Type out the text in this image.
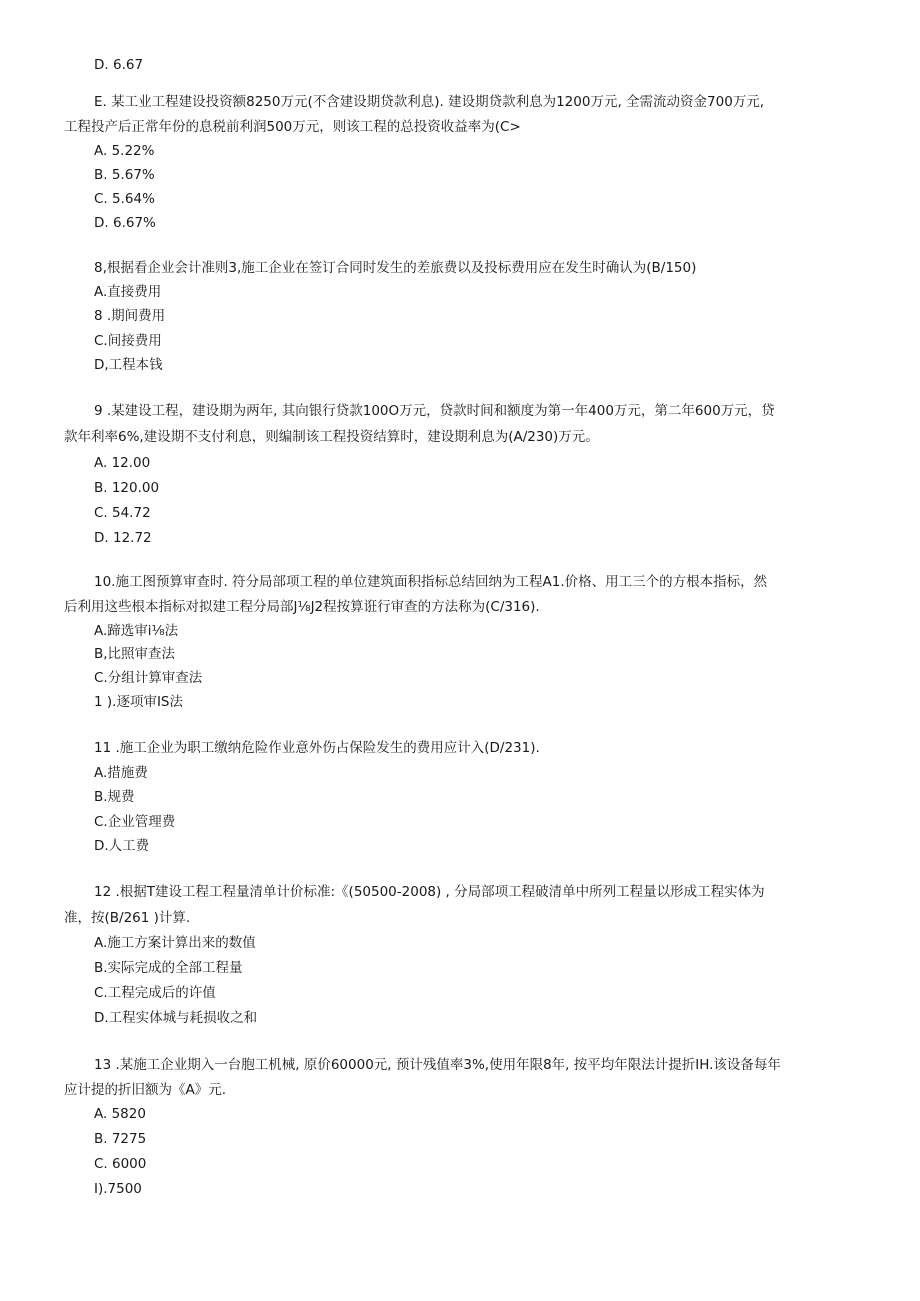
D. 6.67
E. 某工业工程建设投资额8250万元(不含建设期贷款利息). 建设期贷款利息为1200万元, 全需流动资金700万元,
工程投产后正常年份的息税前利润500万元，则该工程的总投资收益率为(C>
A. 5.22%
B. 5.67%
C. 5.64%
D. 6.67%
8,根据看企业会计准则3,施工企业在签订合同时发生的差旅费以及投标费用应在发生时确认为(B/150)
A.直接费用
8 .期间费用
C.间接费用
D,工程本钱
9 .某建设工程，建设期为两年, 其向银行贷款100O万元，贷款时间和额度为第一年400万元，第二年600万元，贷
款年利率6%,建设期不支付利息，则编制该工程投资结算时，建设期利息为(A/230)万元。
A. 12.00
B. 120.00
C. 54.72
D. 12.72
10.施工图预算审查时. 符分局部项工程的单位建筑面积指标总结回纳为工程A1.价格、用工三个的方根本指标，然
后利用这些根本指标对拟建工程分局部J⅛J2程按算诳行审查的方法称为(C/316).
A.蹄选审i⅛法
B,比照审查法
C.分组计算审查法
1 ).逐项审IS法
11 .施工企业为职工缴纳危险作业意外伤占保险发生的费用应计入(D/231).
A.措施费
B.规费
C.企业管理费
D.人工费
12 .根据T建设工程工程量清单计价标准:《(50500-2008) , 分局部项工程破清单中所列工程量以形成工程实体为
准，按(B/261 )计算.
A.施工方案计算出来的数值
B.实际完成的全部工程量
C.工程完成后的许值
D.工程实体城与耗损收之和
13 .某施工企业期入一台胞工机械, 原价60000元, 预计残值率3%,使用年限8年, 按平均年限法计提折IH.该设备每年
应计提的折旧额为《A》元.
A. 5820
B. 7275
C. 6000
I).7500
